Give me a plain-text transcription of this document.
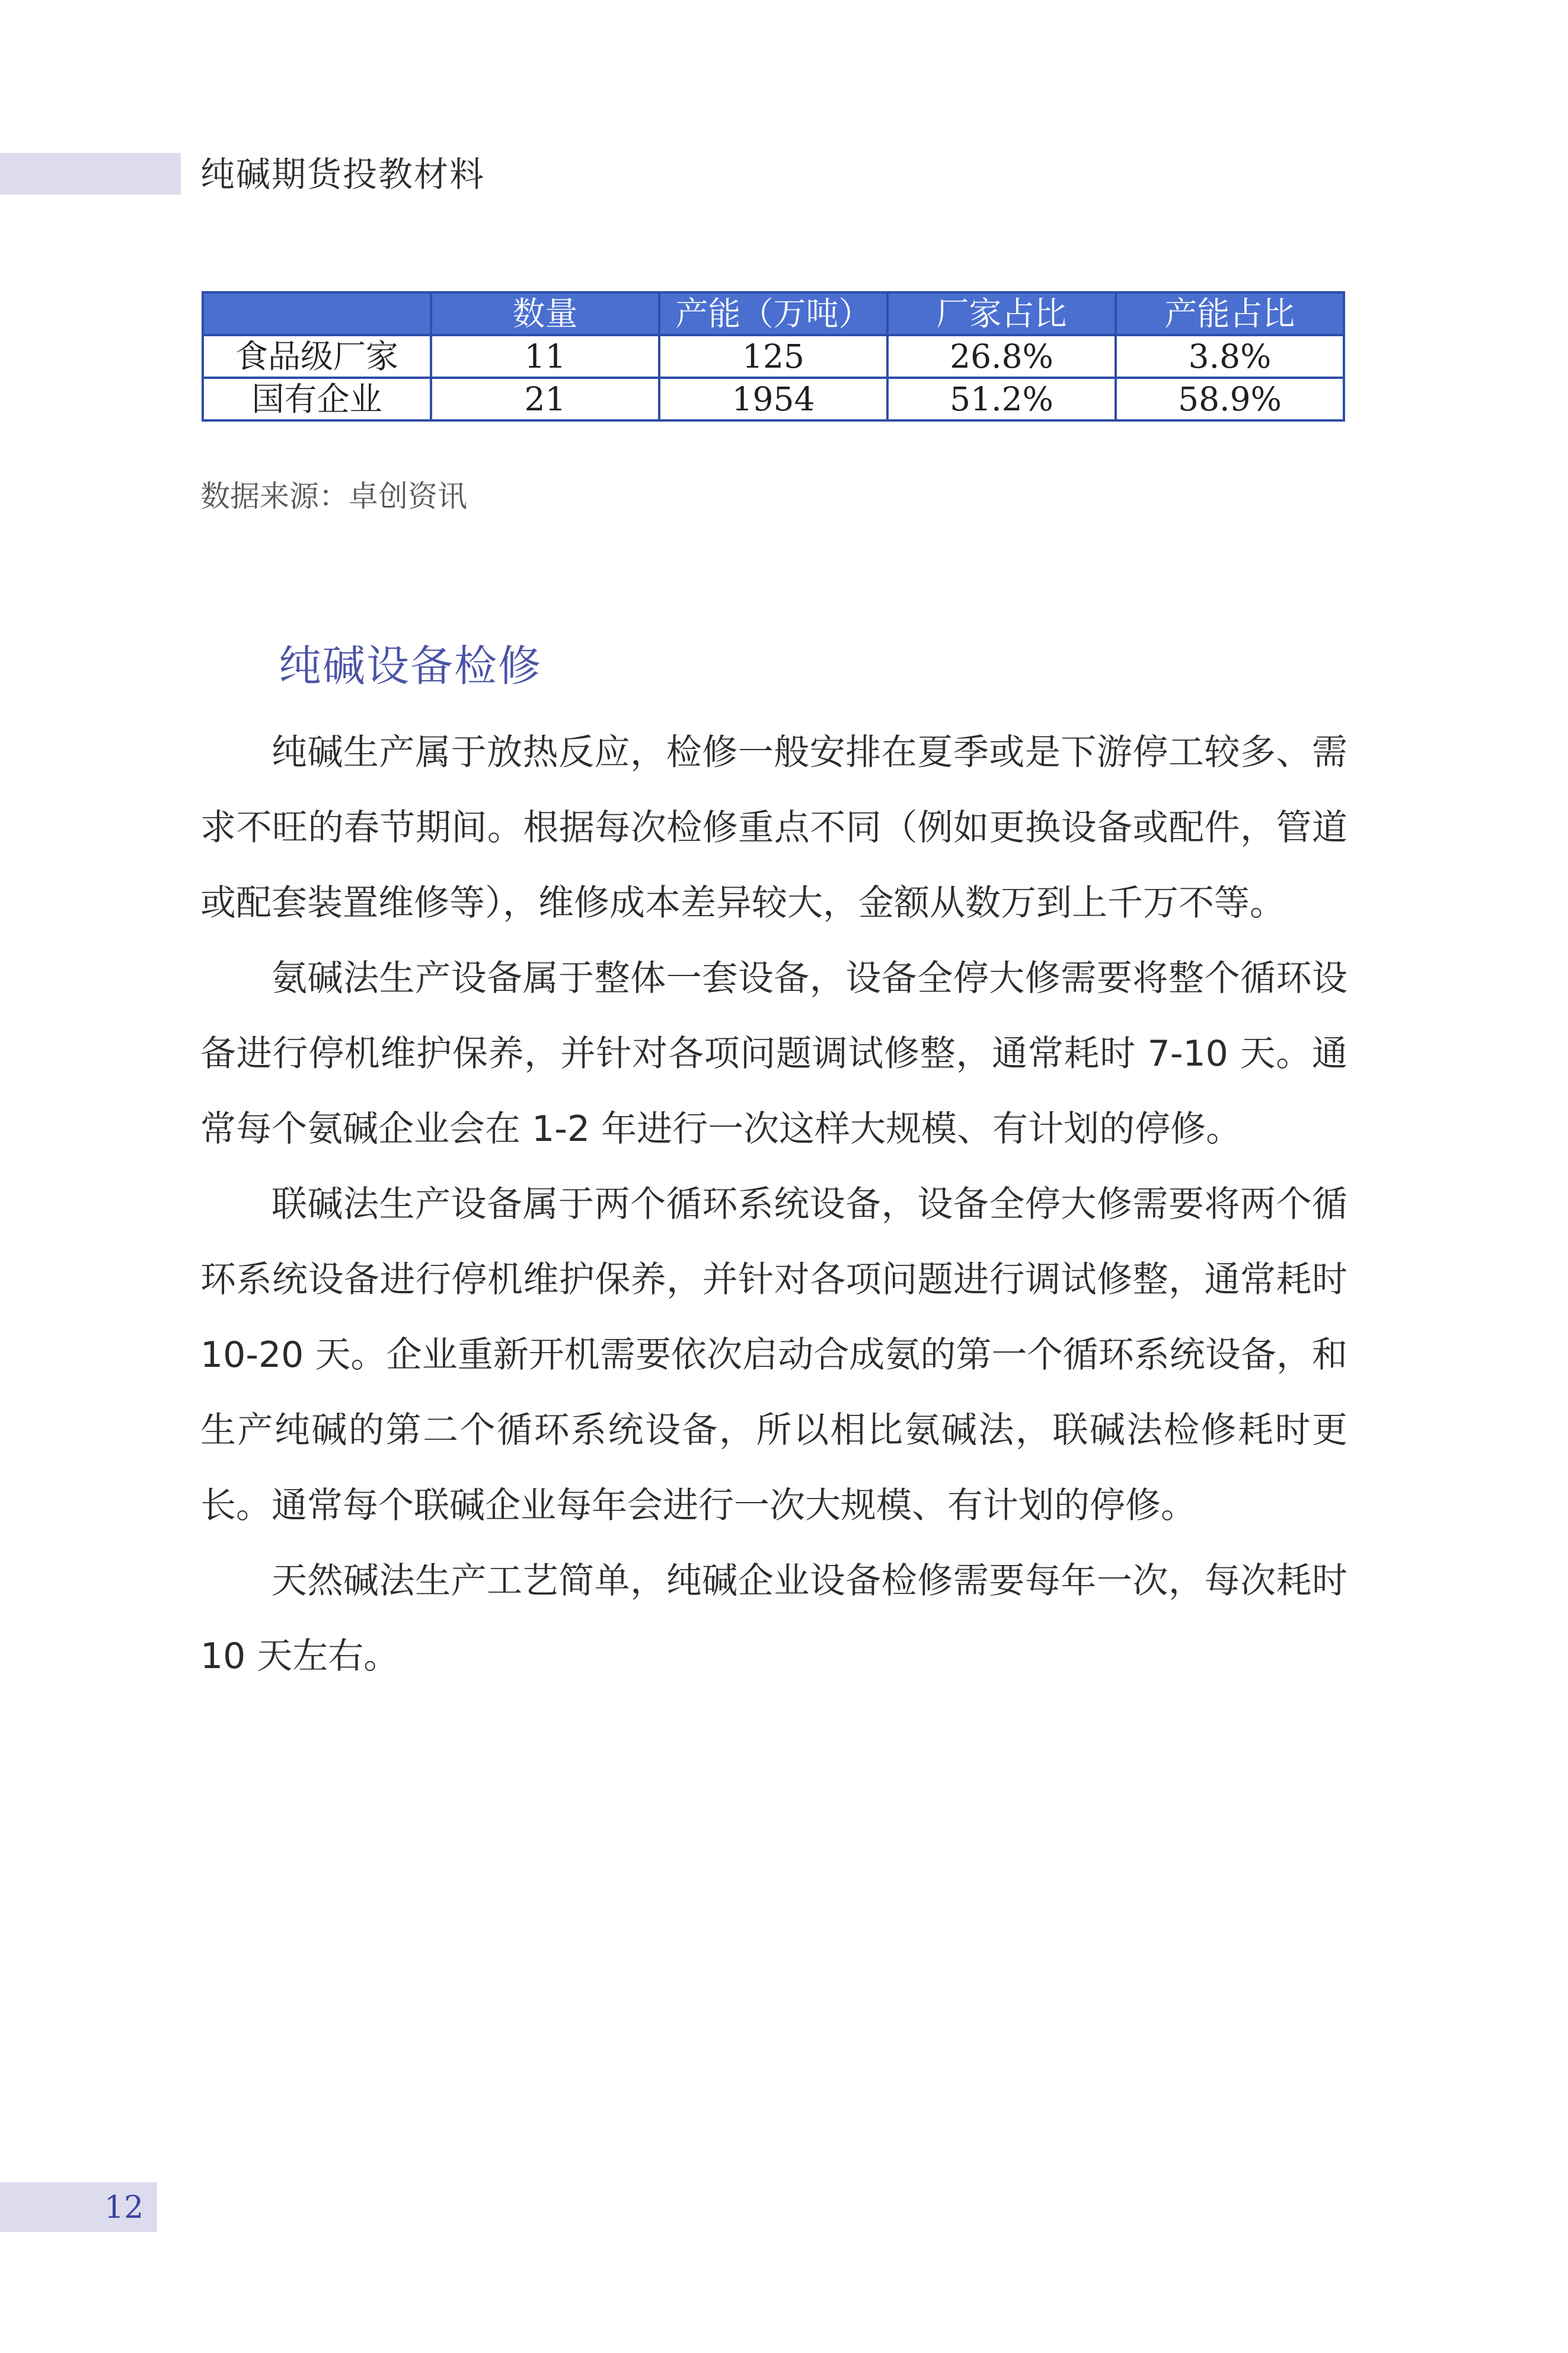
纯碱期货投教材料
	数量	产能（万吨）	厂家占比	产能占比
食品级厂家	11	125	26.8%	3.8%
国有企业	21	1954	51.2%	58.9%
数据来源：卓创资讯
纯碱设备检修

纯碱生产属于放热反应，检修一般安排在夏季或是下游停工较多、需求不旺的春节期间。根据每次检修重点不同（例如更换设备或配件，管道或配套装置维修等），维修成本差异较大，金额从数万到上千万不等。

氨碱法生产设备属于整体一套设备，设备全停大修需要将整个循环设备进行停机维护保养，并针对各项问题调试修整，通常耗时 7-10 天。通常每个氨碱企业会在 1-2 年进行一次这样大规模、有计划的停修。

联碱法生产设备属于两个循环系统设备，设备全停大修需要将两个循环系统设备进行停机维护保养，并针对各项问题进行调试修整，通常耗时 10-20 天。企业重新开机需要依次启动合成氨的第一个循环系统设备，和生产纯碱的第二个循环系统设备，所以相比氨碱法，联碱法检修耗时更长。通常每个联碱企业每年会进行一次大规模、有计划的停修。

天然碱法生产工艺简单，纯碱企业设备检修需要每年一次，每次耗时 10 天左右。

12
